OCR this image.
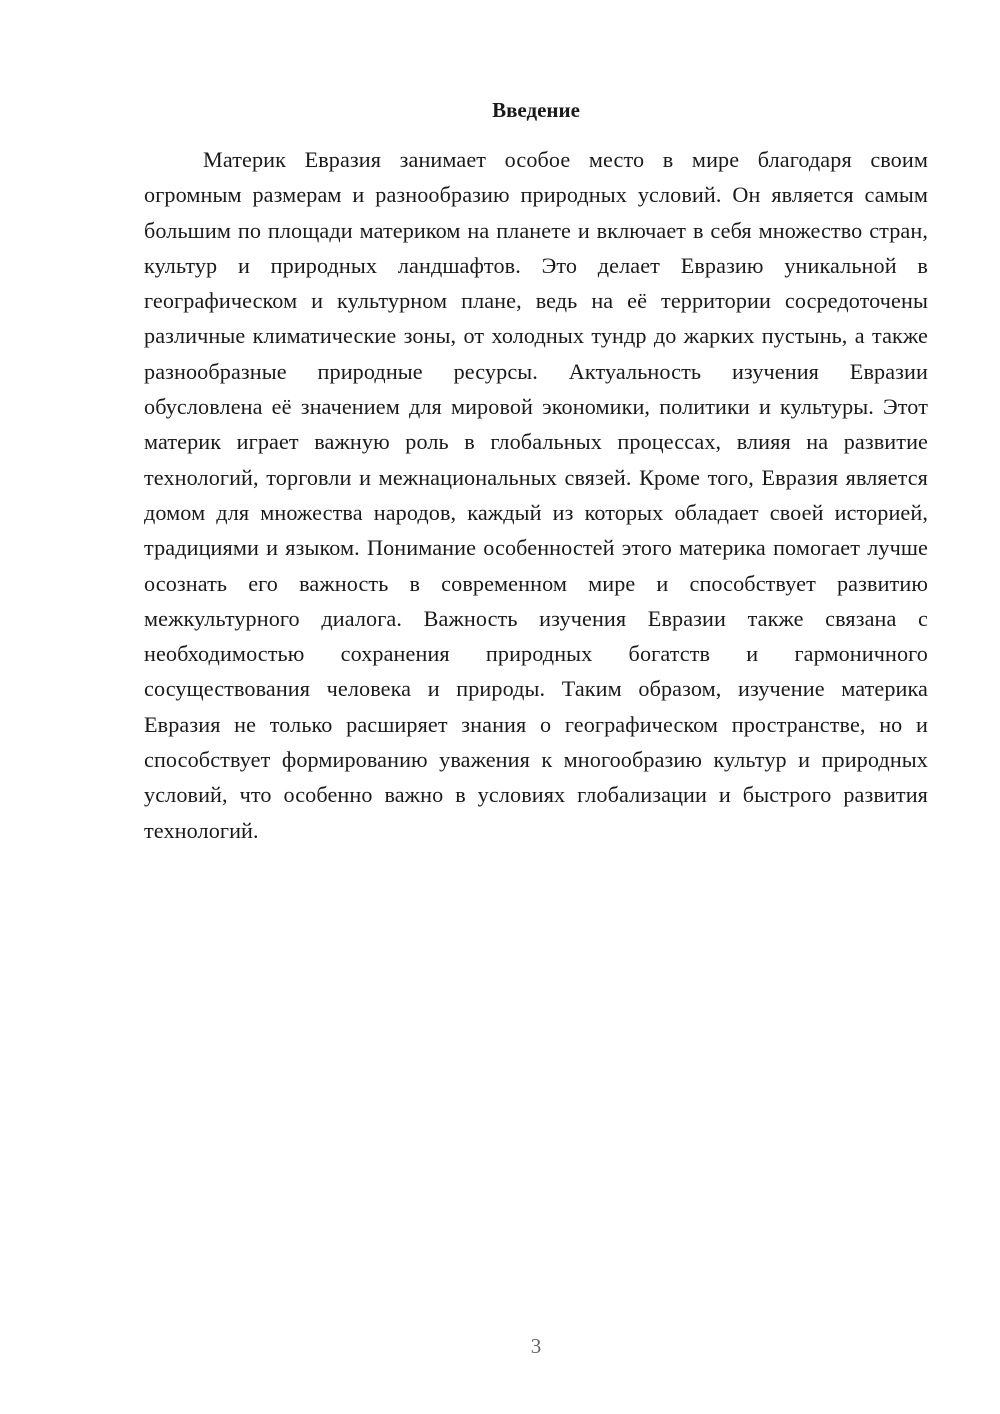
Введение

Материк Евразия занимает особое место в мире благодаря своим огромным размерам и разнообразию природных условий. Он является самым большим по площади материком на планете и включает в себя множество стран, культур и природных ландшафтов. Это делает Евразию уникальной в географическом и культурном плане, ведь на её территории сосредоточены различные климатические зоны, от холодных тундр до жарких пустынь, а также разнообразные природные ресурсы. Актуальность изучения Евразии обусловлена её значением для мировой экономики, политики и культуры. Этот материк играет важную роль в глобальных процессах, влияя на развитие технологий, торговли и межнациональных связей. Кроме того, Евразия является домом для множества народов, каждый из которых обладает своей историей, традициями и языком. Понимание особенностей этого материка помогает лучше осознать его важность в современном мире и способствует развитию межкультурного диалога. Важность изучения Евразии также связана с необходимостью сохранения природных богатств и гармоничного сосуществования человека и природы. Таким образом, изучение материка Евразия не только расширяет знания о географическом пространстве, но и способствует формированию уважения к многообразию культур и природных условий, что особенно важно в условиях глобализации и быстрого развития технологий.

3
